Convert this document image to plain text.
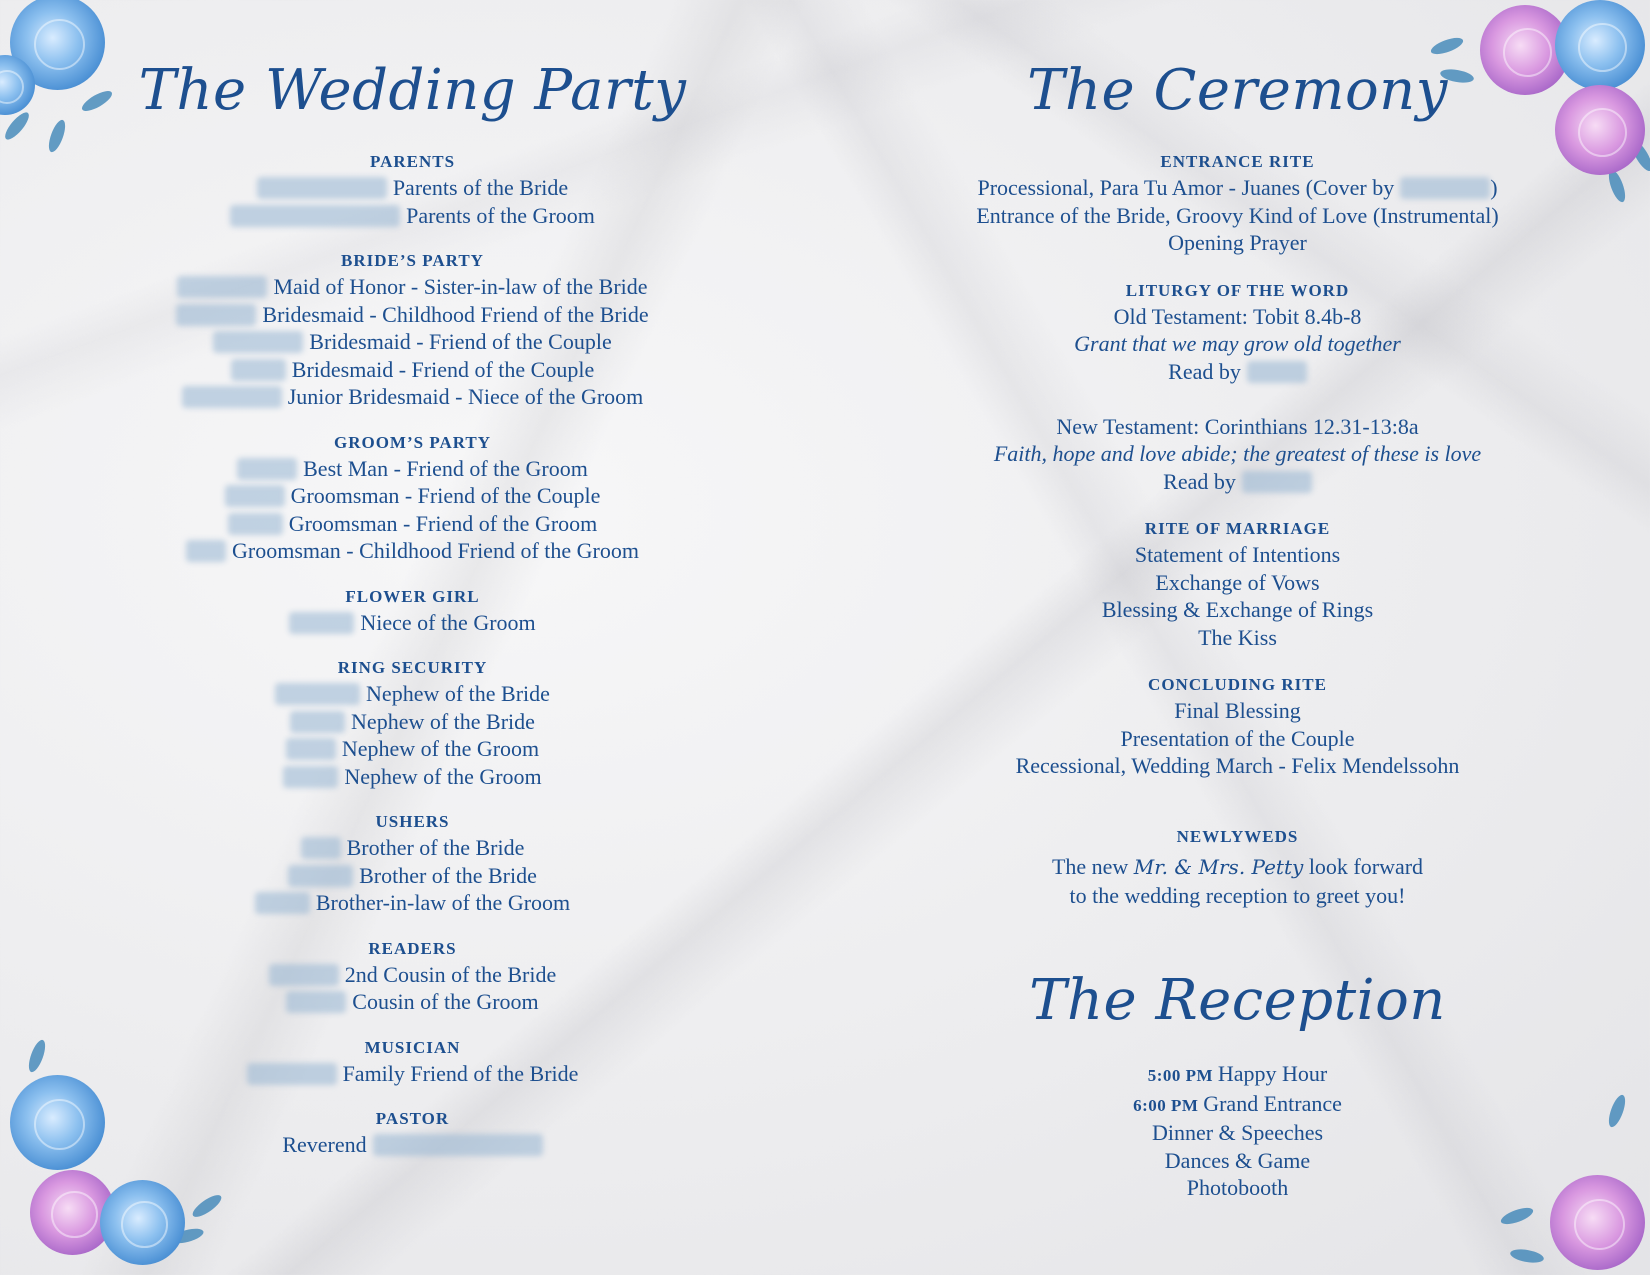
The Wedding Party
PARENTS
Parents of the Bride
Parents of the Groom
BRIDE’S PARTY
Maid of Honor - Sister-in-law of the Bride
Bridesmaid - Childhood Friend of the Bride
Bridesmaid - Friend of the Couple
Bridesmaid - Friend of the Couple
Junior Bridesmaid - Niece of the Groom
GROOM’S PARTY
Best Man - Friend of the Groom
Groomsman - Friend of the Couple
Groomsman - Friend of the Groom
Groomsman - Childhood Friend of the Groom
FLOWER GIRL
Niece of the Groom
RING SECURITY
Nephew of the Bride
Nephew of the Bride
Nephew of the Groom
Nephew of the Groom
USHERS
Brother of the Bride
Brother of the Bride
Brother-in-law of the Groom
READERS
2nd Cousin of the Bride
Cousin of the Groom
MUSICIAN
Family Friend of the Bride
PASTOR
Reverend
The Ceremony
ENTRANCE RITE
Processional, Para Tu Amor - Juanes (Cover by	)
Entrance of the Bride, Groovy Kind of Love (Instrumental)
Opening Prayer
LITURGY OF THE WORD
Old Testament: Tobit 8.4b-8
Grant that we may grow old together
Read by

New Testament: Corinthians 12.31-13:8a
Faith, hope and love abide; the greatest of these is love
Read by
RITE OF MARRIAGE
Statement of Intentions
Exchange of Vows
Blessing & Exchange of Rings
The Kiss
CONCLUDING RITE
Final Blessing
Presentation of the Couple
Recessional, Wedding March - Felix Mendelssohn
NEWLYWEDS
The new Mr. & Mrs. Petty look forward
to the wedding reception to greet you!
The Reception
5:00 PM Happy Hour
6:00 PM Grand Entrance
Dinner & Speeches
Dances & Game
Photobooth
